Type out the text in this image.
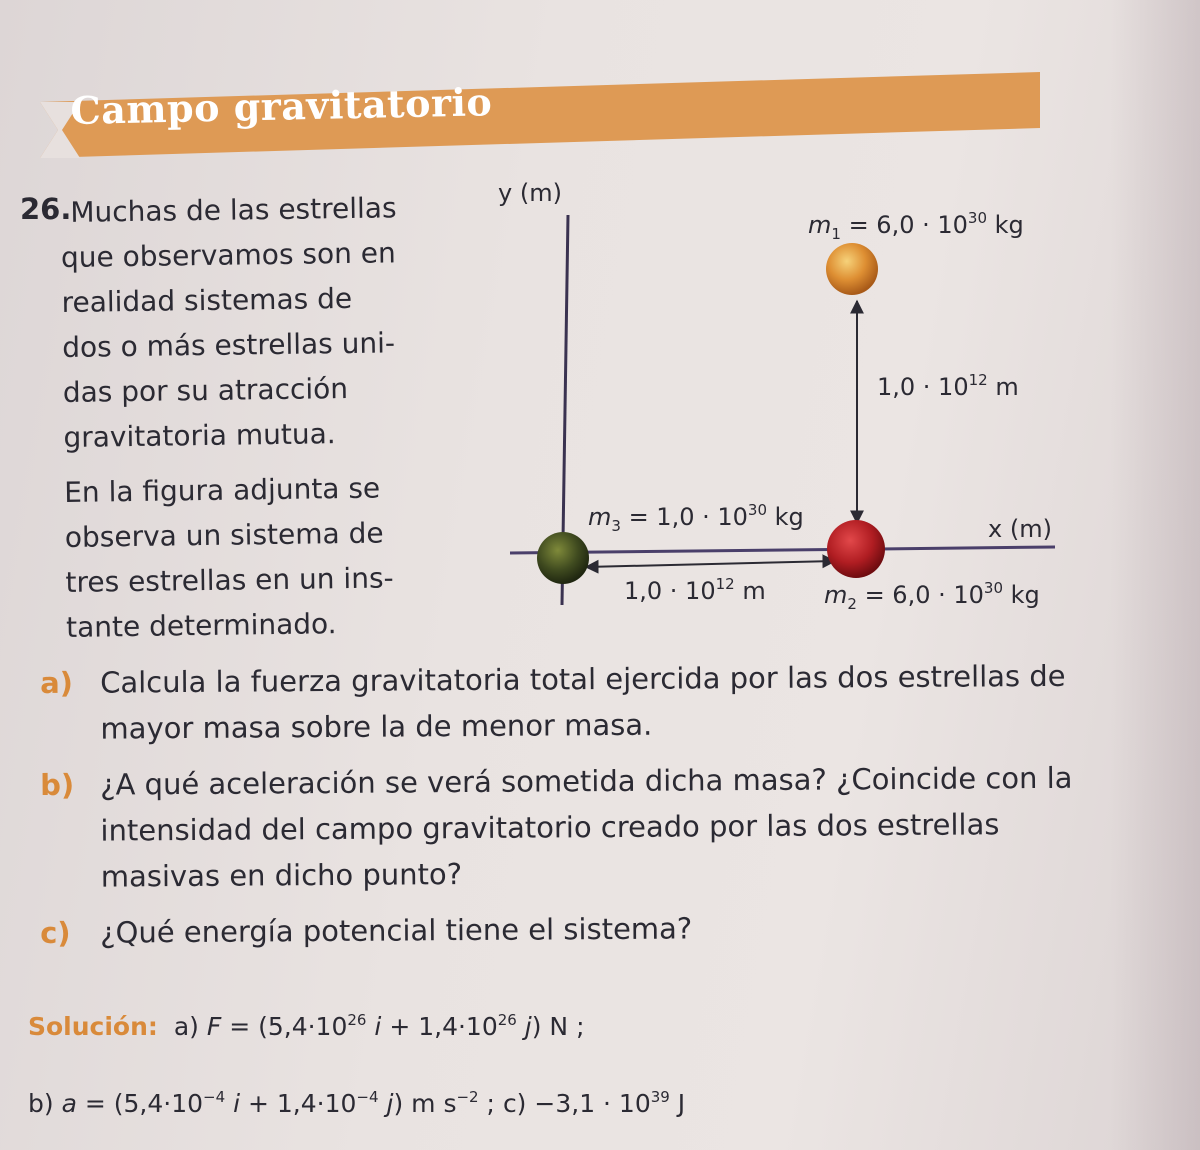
Campo gravitatorio
26.

Muchas de las estrellas
que observamos son en
realidad sistemas de
dos o más estrellas uni-
das por su atracción
gravitatoria mutua.

En la figura adjunta se
observa un sistema de
tres estrellas en un ins-
tante determinado.

y (m)
x (m)
$m_1 = 6,0 \cdot 10^{30}$ kg
$1,0 \cdot 10^{12}$ m
$m_3 = 1,0 \cdot 10^{30}$ kg
$1,0 \cdot 10^{12}$ m $m_2 = 6,0 \cdot 10^{30}$ kg
a) Calcula la fuerza gravitatoria total ejercida por las dos estrellas de mayor masa sobre la de menor masa.
b) ¿A qué aceleración se verá sometida dicha masa? ¿Coincide con la intensidad del campo gravitatorio creado por las dos estrellas masivas en dicho punto?
c) ¿Qué energía potencial tiene el sistema?
Solución: a) $F = (5,4\cdot 10^{26}$ $i + 1,4\cdot 10^{26}$ j) N ;
b) $a = (5,4\cdot 10^{-4}$ $i + 1,4\cdot 10^{-4}$ j) m $s^{-2}$ ; $c) -3,1 \cdot 10^{39}$ J
